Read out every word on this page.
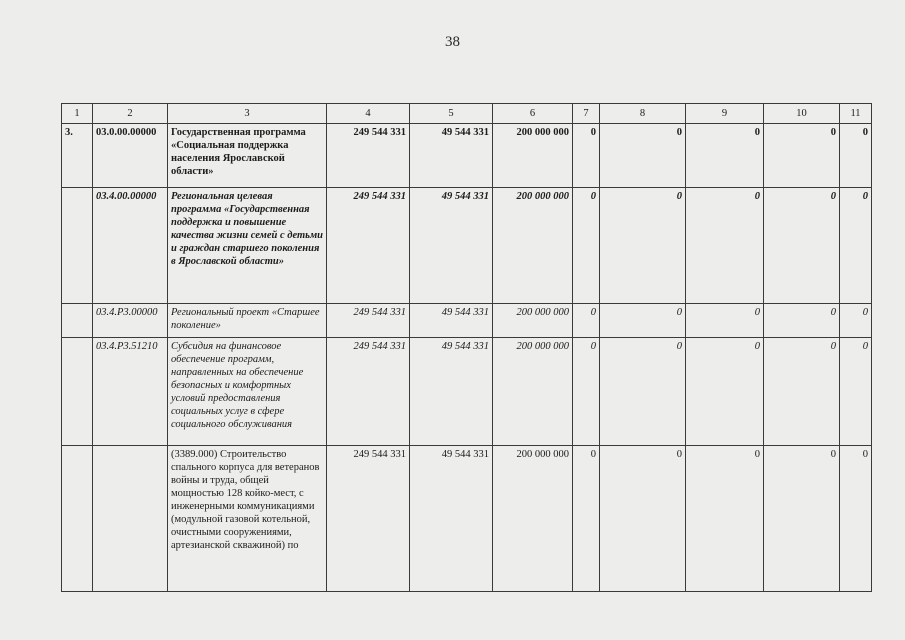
38
1	2	3	4	5	6	7	8	9	10	11
3.	03.0.00.00000	Государственная программа «Социальная поддержка населения Ярославской области»	249 544 331	49 544 331	200 000 000	0	0	0	0	0
	03.4.00.00000	Региональная целевая программа «Государственная поддержка и повышение качества жизни семей с детьми и граждан старшего поколения в Ярославской области»	249 544 331	49 544 331	200 000 000	0	0	0	0	0
	03.4.P3.00000	Региональный проект «Старшее поколение»	249 544 331	49 544 331	200 000 000	0	0	0	0	0
	03.4.P3.51210	Субсидия на финансовое обеспечение программ, направленных на обеспечение безопасных и комфортных условий предоставления социальных услуг в сфере социального обслуживания	249 544 331	49 544 331	200 000 000	0	0	0	0	0
		(3389.000) Строительство спального корпуса для ветеранов войны и труда, общей мощностью 128 койко-мест, с инженерными коммуникациями (модульной газовой котельной, очистными сооружениями, артезианской скважиной) по	249 544 331	49 544 331	200 000 000	0	0	0	0	0
